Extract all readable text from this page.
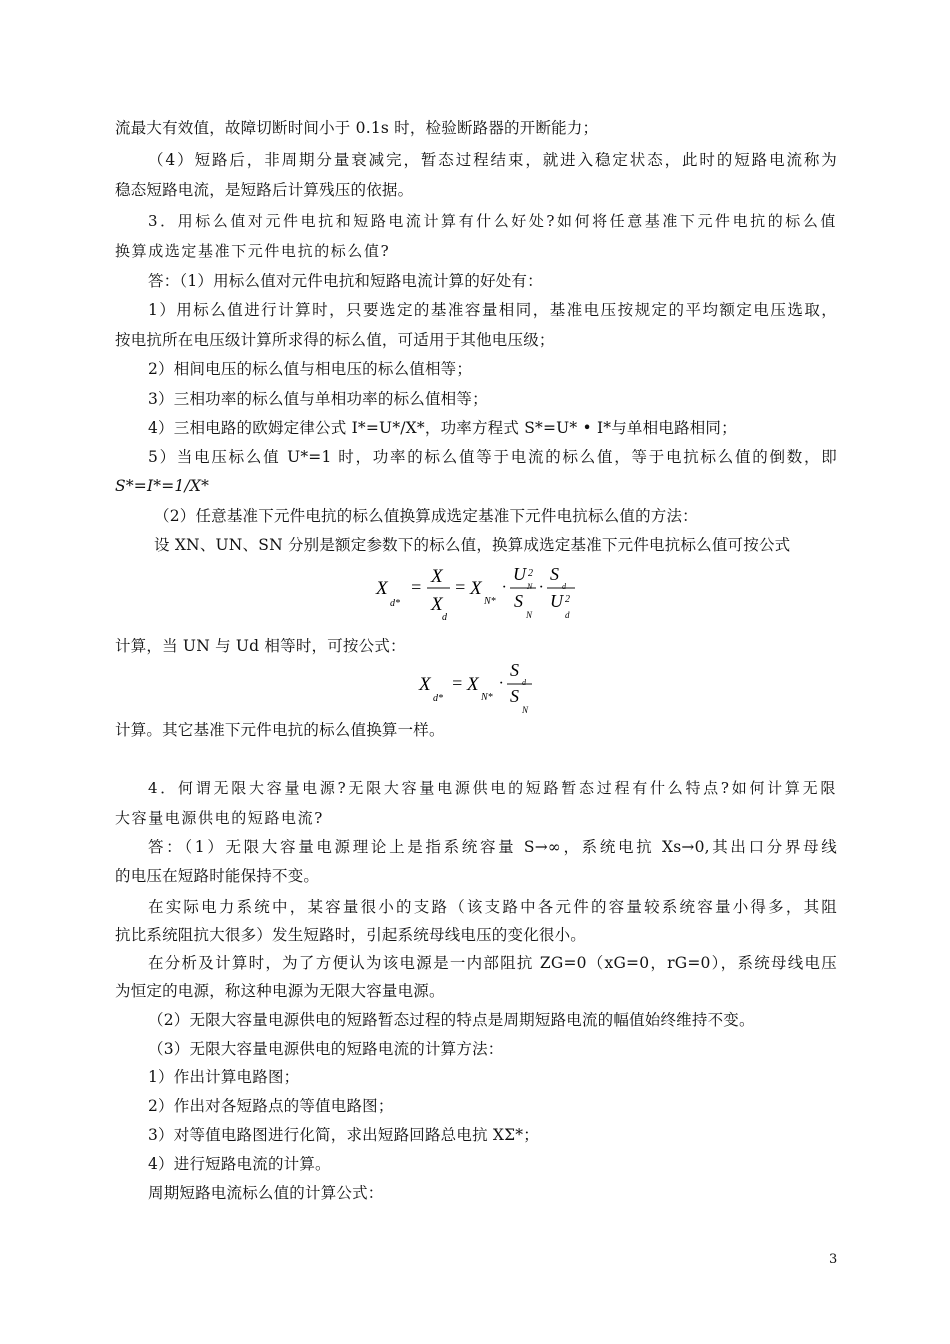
流最大有效值，故障切断时间小于 0.1s 时，检验断路器的开断能力；
（4）短路后，非周期分量衰减完，暂态过程结束，就进入稳定状态，此时的短路电流称为
稳态短路电流，是短路后计算残压的依据。
3．用标么值对元件电抗和短路电流计算有什么好处?如何将任意基准下元件电抗的标么值
换算成选定基准下元件电抗的标么值?
答：（1）用标么值对元件电抗和短路电流计算的好处有：
1）用标么值进行计算时，只要选定的基准容量相同，基准电压按规定的平均额定电压选取，
按电抗所在电压级计算所求得的标么值，可适用于其他电压级；
2）相间电压的标么值与相电压的标么值相等；
3）三相功率的标么值与单相功率的标么值相等；
4）三相电路的欧姆定律公式 I*=U*/X*，功率方程式 S*=U* • I*与单相电路相同；
5）当电压标么值 U*=1 时，功率的标么值等于电流的标么值，等于电抗标么值的倒数，即
S*=I*=1/X*
（2）任意基准下元件电抗的标么值换算成选定基准下元件电抗标么值的方法：
设 XN、UN、SN 分别是额定参数下的标么值，换算成选定基准下元件电抗标么值可按公式
X
d*
= X
X
d
= X
N*
·
U 2
N
S
N
·
S
d
U 2
d
计算，当 UN 与 Ud 相等时，可按公式：
X
d*
= X
N*
·
S
d
S
N
计算。其它基准下元件电抗的标么值换算一样。
4．何谓无限大容量电源?无限大容量电源供电的短路暂态过程有什么特点?如何计算无限
大容量电源供电的短路电流?
答：（1）无限大容量电源理论上是指系统容量 S→∞，系统电抗 Xs→0,其出口分界母线
的电压在短路时能保持不变。
在实际电力系统中，某容量很小的支路（该支路中各元件的容量较系统容量小得多，其阻
抗比系统阻抗大很多）发生短路时，引起系统母线电压的变化很小。
在分析及计算时，为了方便认为该电源是一内部阻抗 ZG=0（xG=0，rG=0），系统母线电压
为恒定的电源，称这种电源为无限大容量电源。
（2）无限大容量电源供电的短路暂态过程的特点是周期短路电流的幅值始终维持不变。
（3）无限大容量电源供电的短路电流的计算方法：
1）作出计算电路图；
2）作出对各短路点的等值电路图；
3）对等值电路图进行化简，求出短路回路总电抗 XΣ*；
4）进行短路电流的计算。
周期短路电流标么值的计算公式：
3
